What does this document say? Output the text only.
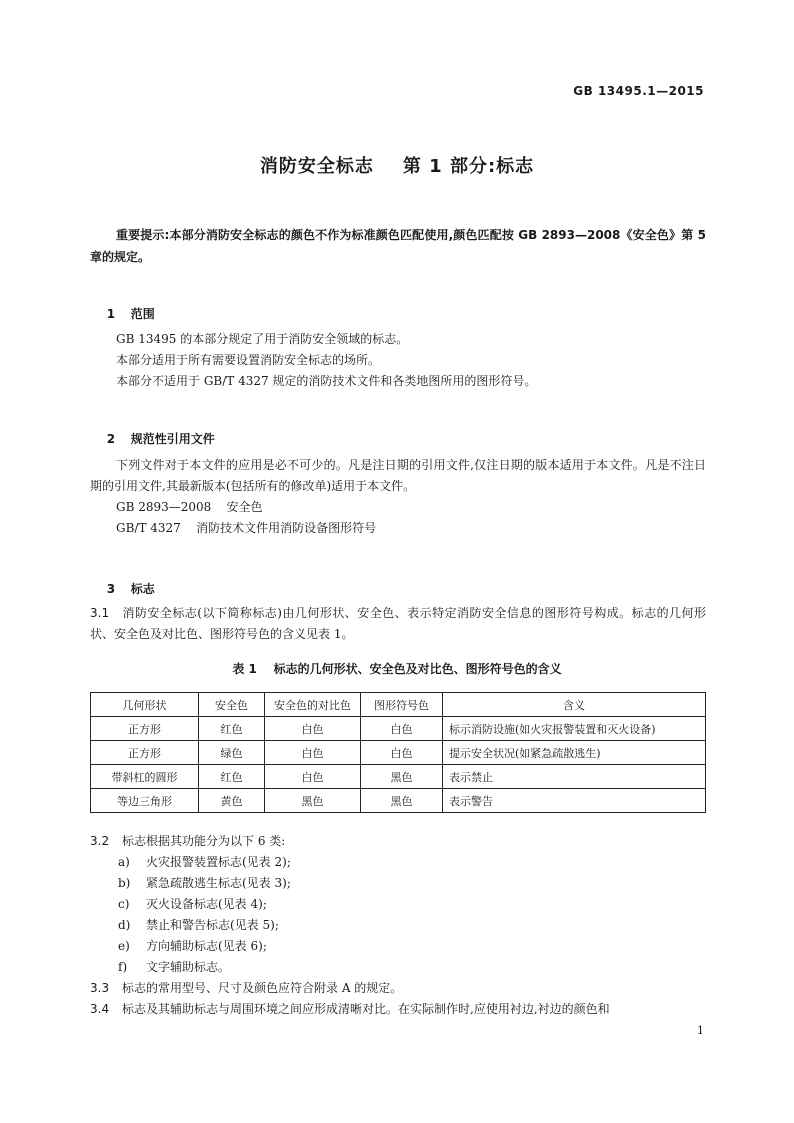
GB 13495.1—2015
消防安全标志    第 1 部分:标志
重要提示:本部分消防安全标志的颜色不作为标准颜色匹配使用,颜色匹配按 GB 2893—2008《安全色》第 5 章的规定。

1 范围

GB 13495 的本部分规定了用于消防安全领域的标志。
本部分适用于所有需要设置消防安全标志的场所。
本部分不适用于 GB/T 4327 规定的消防技术文件和各类地图所用的图形符号。

2 规范性引用文件

下列文件对于本文件的应用是必不可少的。凡是注日期的引用文件,仅注日期的版本适用于本文件。凡是不注日期的引用文件,其最新版本(包括所有的修改单)适用于本文件。
GB 2893—2008    安全色
GB/T 4327    消防技术文件用消防设备图形符号

3 标志

3.1 消防安全标志(以下简称标志)由几何形状、安全色、表示特定消防安全信息的图形符号构成。标志的几何形状、安全色及对比色、图形符号色的含义见表 1。
表 1    标志的几何形状、安全色及对比色、图形符号色的含义
几何形状	安全色	安全色的对比色	图形符号色	含义
正方形	红色	白色	白色	标示消防设施(如火灾报警装置和灭火设备)
正方形	绿色	白色	白色	提示安全状况(如紧急疏散逃生)
带斜杠的圆形	红色	白色	黑色	表示禁止
等边三角形	黄色	黑色	黑色	表示警告
3.2 标志根据其功能分为以下 6 类:
a) 火灾报警装置标志(见表 2);
b) 紧急疏散逃生标志(见表 3);
c) 灭火设备标志(见表 4);
d) 禁止和警告标志(见表 5);
e) 方向辅助标志(见表 6);
f) 文字辅助标志。
3.3 标志的常用型号、尺寸及颜色应符合附录 A 的规定。
3.4 标志及其辅助标志与周围环境之间应形成清晰对比。在实际制作时,应使用衬边,衬边的颜色和
1
